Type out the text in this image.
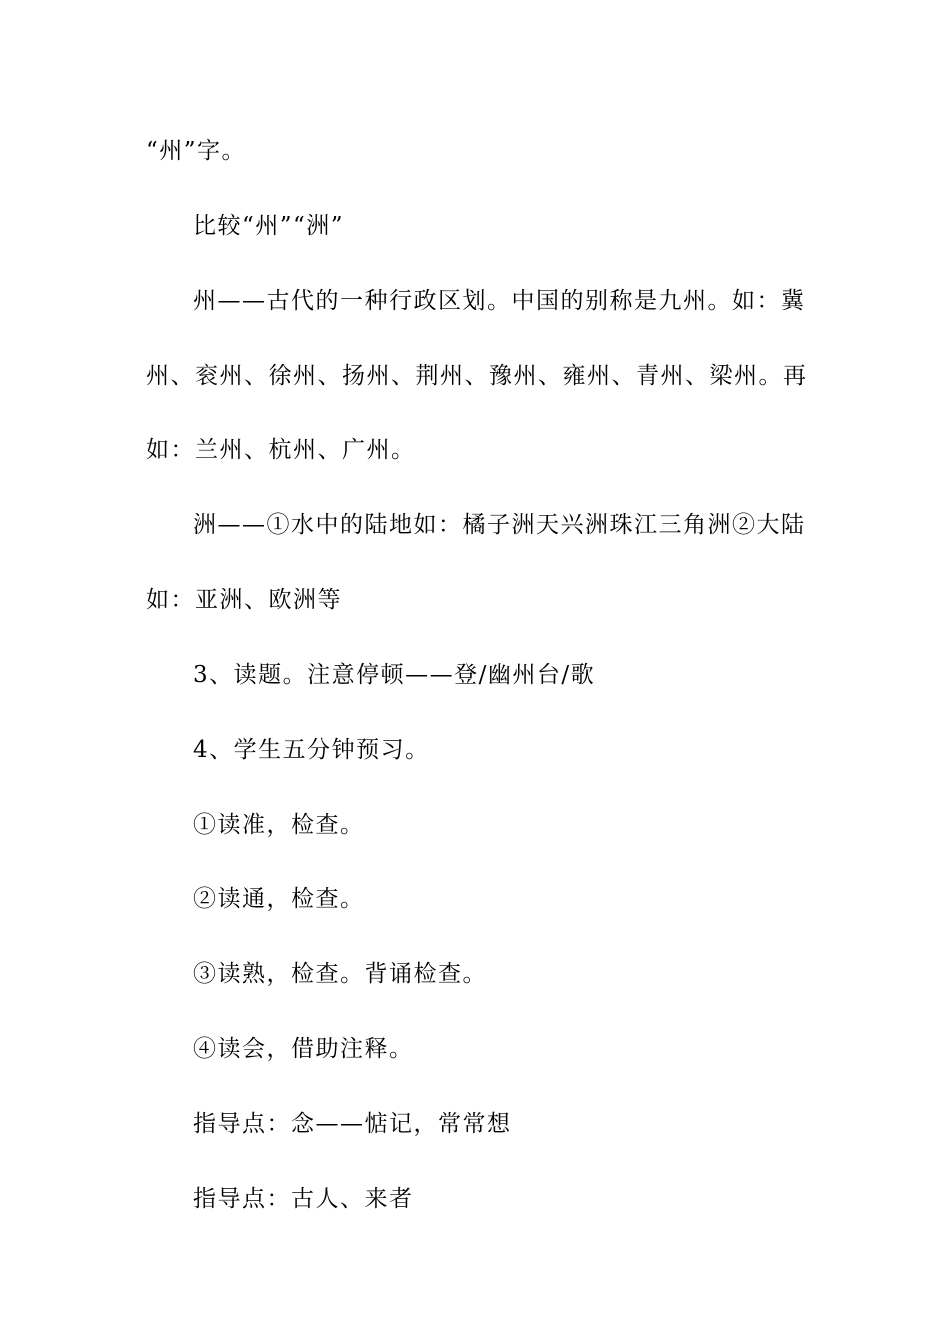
“州”字。
比较“州”“洲”
州——古代的一种行政区划。中国的别称是九州。如：冀
州、衮州、徐州、扬州、荆州、豫州、雍州、青州、梁州。再
如：兰州、杭州、广州。
洲——①水中的陆地如：橘子洲天兴洲珠江三角洲②大陆
如：亚洲、欧洲等
3、读题。注意停顿——登/幽州台/歌
4、学生五分钟预习。
①读准，检查。
②读通，检查。
③读熟，检查。背诵检查。
④读会，借助注释。
指导点：念——惦记，常常想
指导点：古人、来者
